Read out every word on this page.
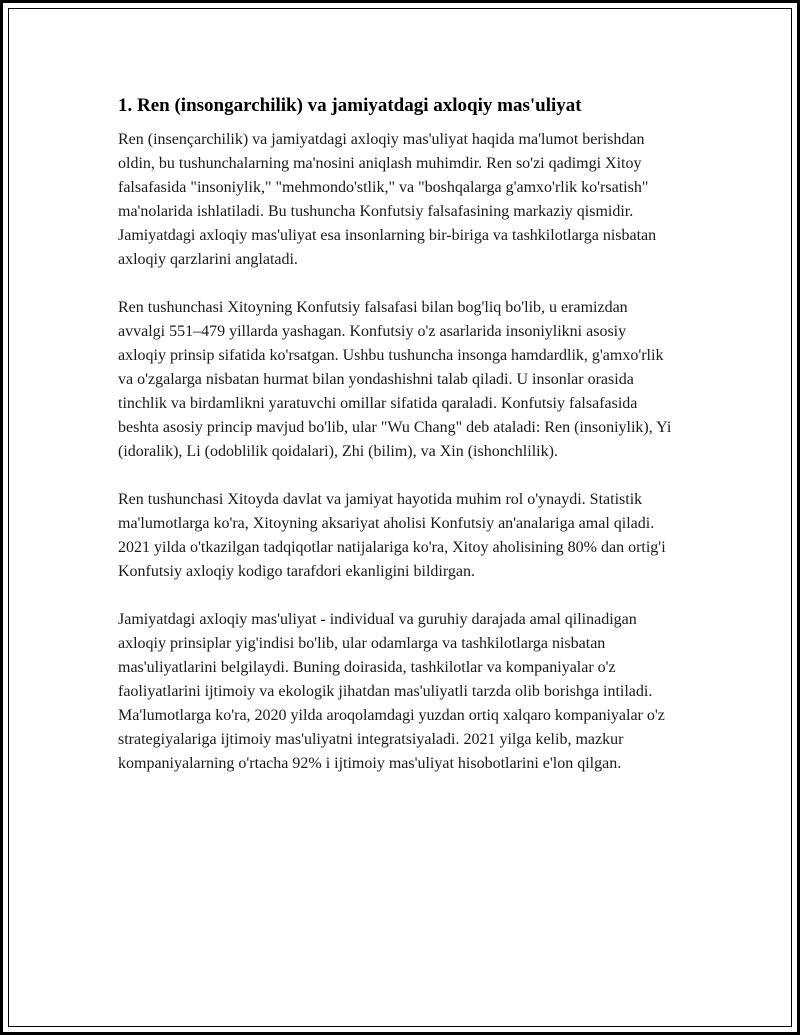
1. Ren (insongarchilik) va jamiyatdagi axloqiy mas'uliyat

Ren (insençarchilik) va jamiyatdagi axloqiy mas'uliyat haqida ma'lumot berishdan oldin, bu tushunchalarning ma'nosini aniqlash muhimdir. Ren so'zi qadimgi Xitoy falsafasida "insoniylik," "mehmondo'stlik," va "boshqalarga g'amxo'rlik ko'rsatish" ma'nolarida ishlatiladi. Bu tushuncha Konfutsiy falsafasining markaziy qismidir. Jamiyatdagi axloqiy mas'uliyat esa insonlarning bir-biriga va tashkilotlarga nisbatan axloqiy qarzlarini anglatadi.

Ren tushunchasi Xitoyning Konfutsiy falsafasi bilan bog'liq bo'lib, u eramizdan avvalgi 551–479 yillarda yashagan. Konfutsiy o'z asarlarida insoniylikni asosiy axloqiy prinsip sifatida ko'rsatgan. Ushbu tushuncha insonga hamdardlik, g'amxo'rlik va o'zgalarga nisbatan hurmat bilan yondashishni talab qiladi. U insonlar orasida tinchlik va birdamlikni yaratuvchi omillar sifatida qaraladi. Konfutsiy falsafasida beshta asosiy princip mavjud bo'lib, ular "Wu Chang" deb ataladi: Ren (insoniylik), Yi (idoralik), Li (odoblilik qoidalari), Zhi (bilim), va Xin (ishonchlilik).

Ren tushunchasi Xitoyda davlat va jamiyat hayotida muhim rol o'ynaydi. Statistik ma'lumotlarga ko'ra, Xitoyning aksariyat aholisi Konfutsiy an'analariga amal qiladi. 2021 yilda o'tkazilgan tadqiqotlar natijalariga ko'ra, Xitoy aholisining 80% dan ortig'i Konfutsiy axloqiy kodigo tarafdori ekanligini bildirgan.

Jamiyatdagi axloqiy mas'uliyat - individual va guruhiy darajada amal qilinadigan axloqiy prinsiplar yig'indisi bo'lib, ular odamlarga va tashkilotlarga nisbatan mas'uliyatlarini belgilaydi. Buning doirasida, tashkilotlar va kompaniyalar o'z faoliyatlarini ijtimoiy va ekologik jihatdan mas'uliyatli tarzda olib borishga intiladi. Ma'lumotlarga ko'ra, 2020 yilda aroqolamdagi yuzdan ortiq xalqaro kompaniyalar o'z strategiyalariga ijtimoiy mas'uliyatni integratsiyaladi. 2021 yilga kelib, mazkur kompaniyalarning o'rtacha 92% i ijtimoiy mas'uliyat hisobotlarini e'lon qilgan.
